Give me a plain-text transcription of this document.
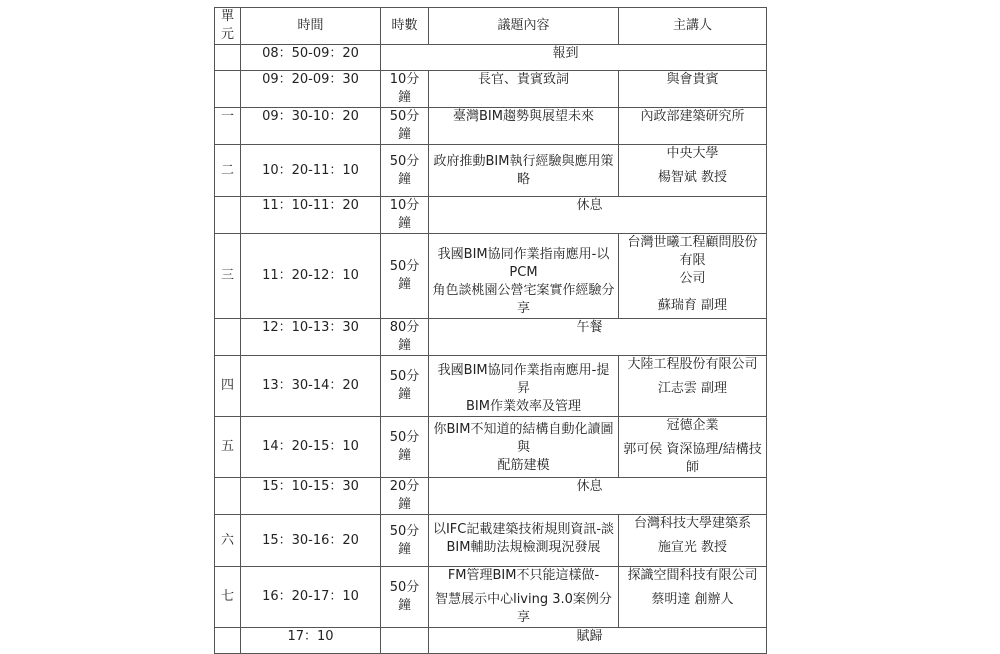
單元	時間	時數	議題內容	主講人
	08：50-09：20	報到		
	09：20-09：30	10分鐘	長官、貴賓致詞	與會貴賓

一	09：30-10：20	50分鐘	臺灣BIM趨勢與展望未來	內政部建築研究所

二	10：20-11：10	50分鐘	政府推動BIM執行經驗與應用策略	中央大學
楊智斌 教授

	11：10-11：20	10分鐘	休息	
三	11：20-12：10	50分鐘	我國BIM協同作業指南應用-以PCM
角色談桃園公營宅案實作經驗分享	台灣世曦工程顧問股份有限
公司
蘇瑞育 副理

	12：10-13：30	80分鐘	午餐	
四	13：30-14：20	50分鐘	我國BIM協同作業指南應用-提昇
BIM作業效率及管理	大陸工程股份有限公司
江志雲 副理

五	14：20-15：10	50分鐘	你BIM不知道的結構自動化讀圖與
配筋建模	冠德企業
郭可侯 資深協理/結構技師

	15：10-15：30	20分鐘	休息	
六	15：30-16：20	50分鐘	以IFC記載建築技術規則資訊-談
BIM輔助法規檢測現況發展	台灣科技大學建築系
施宣光 教授

七	16：20-17：10	50分鐘	FM管理BIM不只能這樣做-
智慧展示中心living 3.0案例分享	探識空間科技有限公司
蔡明達 創辦人

	17：10		賦歸	
